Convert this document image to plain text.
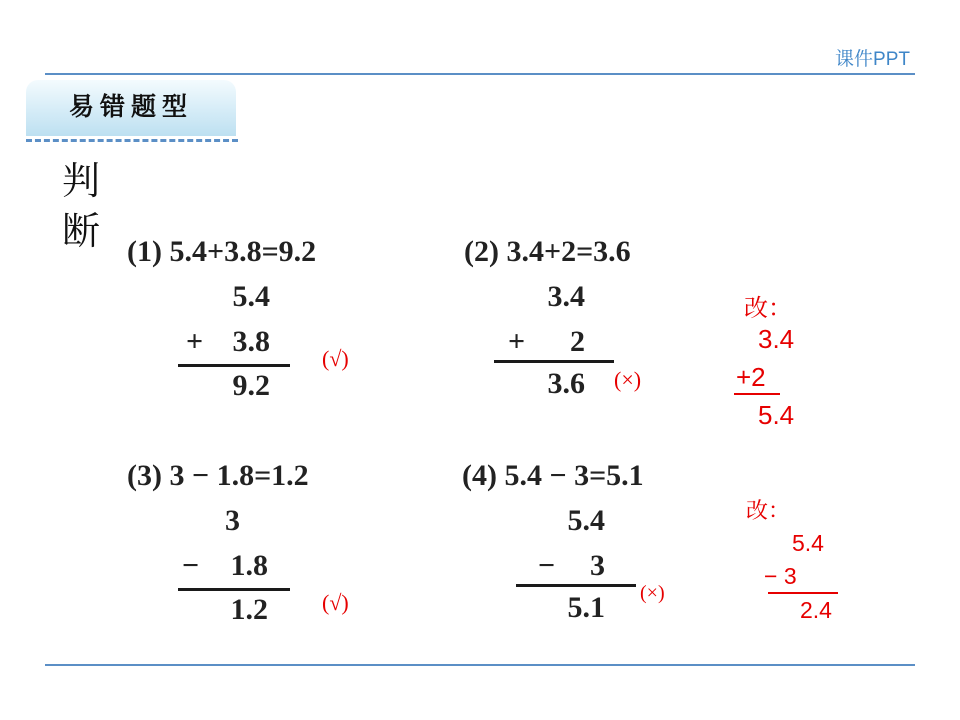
课件PPT
易错题型
判断 (1) 5.4+3.8=9.2
5.4
+ 3.8
9.2
(√)
(2) 3.4+2=3.6
3.4
+	2
3.6 (×)
改：
3.4
+2
5.4
(3) 3 − 1.8=1.2
3
−	1.8
1.2 (√)
(4) 5.4 − 3=5.1
5.4
−	3
5.1 (×)
改：
5.4
− 3
2.4
